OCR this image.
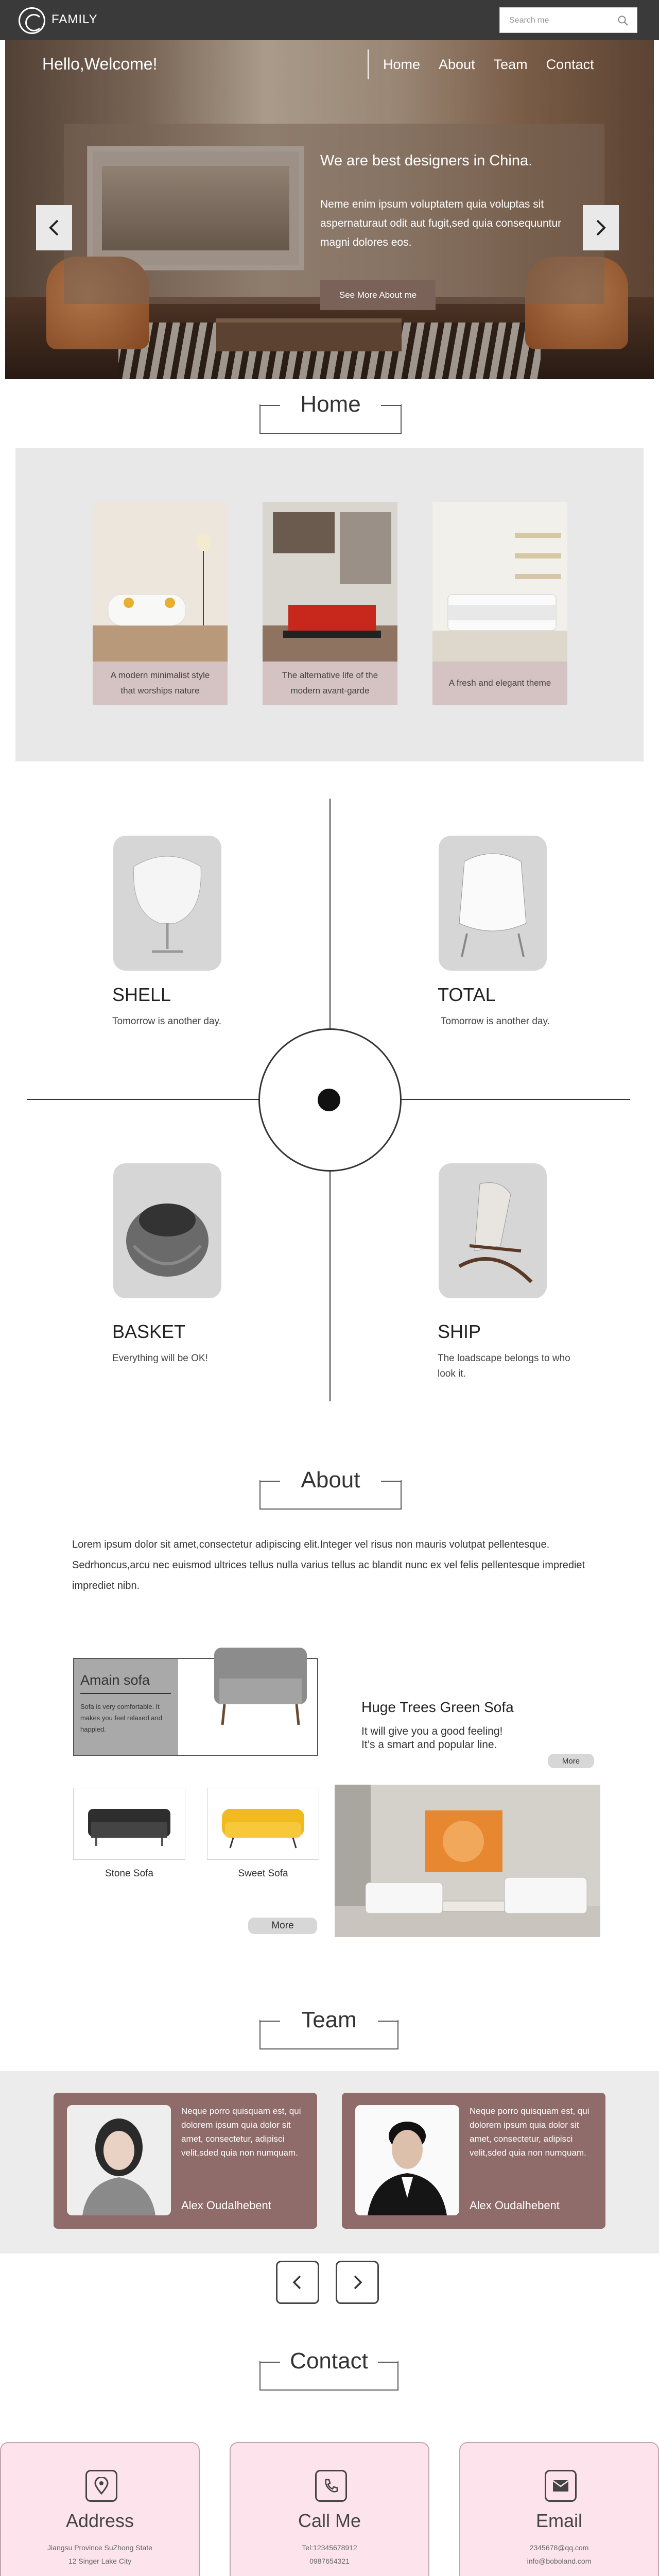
FAMILY
Search me
Hello,Welcome!	Home About Team Contact
We are best designers in China.
Neme enim ipsum voluptatem quia voluptas sit aspernaturaut odit aut fugit,sed quia consequuntur magni dolores eos.
See More About me
Home
A modern minimalist style that worships nature
The alternative life of the modern avant-garde
A fresh and elegant theme
SHELL
Tomorrow is another day.
TOTAL
Tomorrow is another day.
BASKET
Everything will be OK!
SHIP
The loadscape belongs to who look it.
About
Lorem ipsum dolor sit amet,consectetur adipiscing elit.Integer vel risus non mauris volutpat pellentesque. Sedrhoncus,arcu nec euismod ultrices tellus nulla varius tellus ac blandit nunc ex vel felis pellentesque imprediet imprediet nibn.
Amain sofa
Sofa is very comfortable. It makes you feel relaxed and happied.
Huge Trees Green Sofa
It will give you a good feeling!
It’s a smart and popular line.
More
Stone Sofa	Sweet Sofa
More
Team
Neque porro quisquam est, qui dolorem ipsum quia dolor sit amet, consectetur, adipisci velit,sded quia non numquam.
Alex Oudalhebent
Neque porro quisquam est, qui dolorem ipsum quia dolor sit amet, consectetur, adipisci velit,sded quia non numquam.
Alex Oudalhebent
Contact
Address
Jiangsu Province SuZhong State
12 Singer Lake City
Call Me
Tel:12345678912
0987654321
Email
2345678@qq.com
info@boboland.com
